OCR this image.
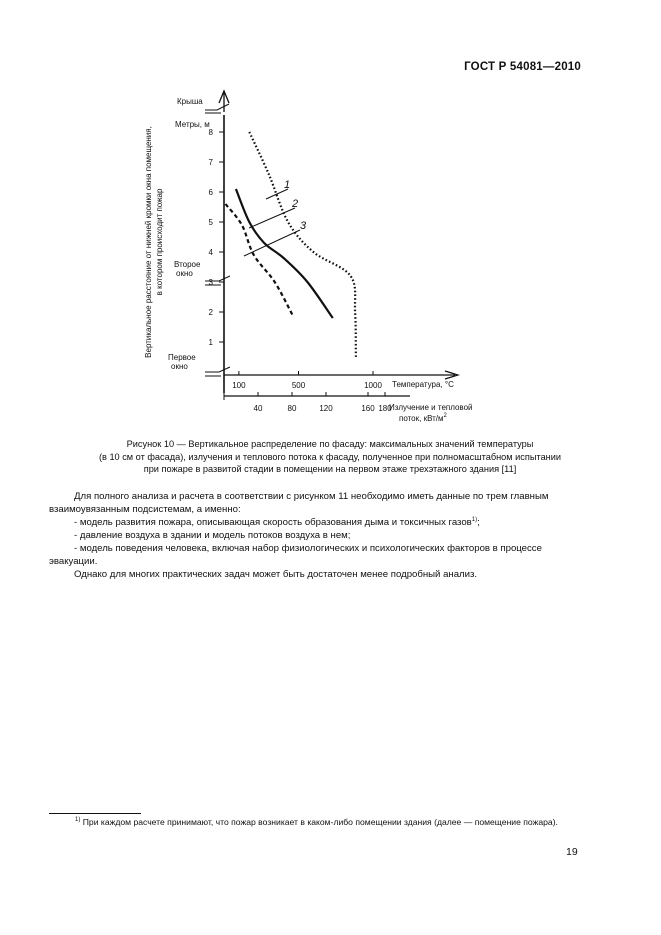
ГОСТ Р 54081—2010
Вертикальное расстояние от нижней кромки окна помещения, в котором происходит пожар
Крыша
Метры, м
Второе
окно
Первое
окно
1
2
3
4
5
6
7
8
100	500	1000 Температура, °C
40	80	120	160 180
Излучение и тепловой
поток, кВт/$м^2$
1
2
3
Рисунок 10 — Вертикальное распределение по фасаду: максимальных значений температуры
(в 10 см от фасада), излучения и теплового потока к фасаду, полученное при полномасштабном испытании
при пожаре в развитой стадии в помещении на первом этаже трехэтажного здания [11]

Для полного анализа и расчета в соответствии с рисунком 11 необходимо иметь данные по трем главным взаимоувязанным подсистемам, а именно:

- модель развития пожара, описывающая скорость образования дыма и токсичных газов$^{1)}$;

- давление воздуха в здании и модель потоков воздуха в нем;

- модель поведения человека, включая набор физиологических и психологических факторов в процессе эвакуации.

Однако для многих практических задач может быть достаточен менее подробный анализ.

$^{1)}$ При каждом расчете принимают, что пожар возникает в каком-либо помещении здания (далее — помещение пожара).
19
